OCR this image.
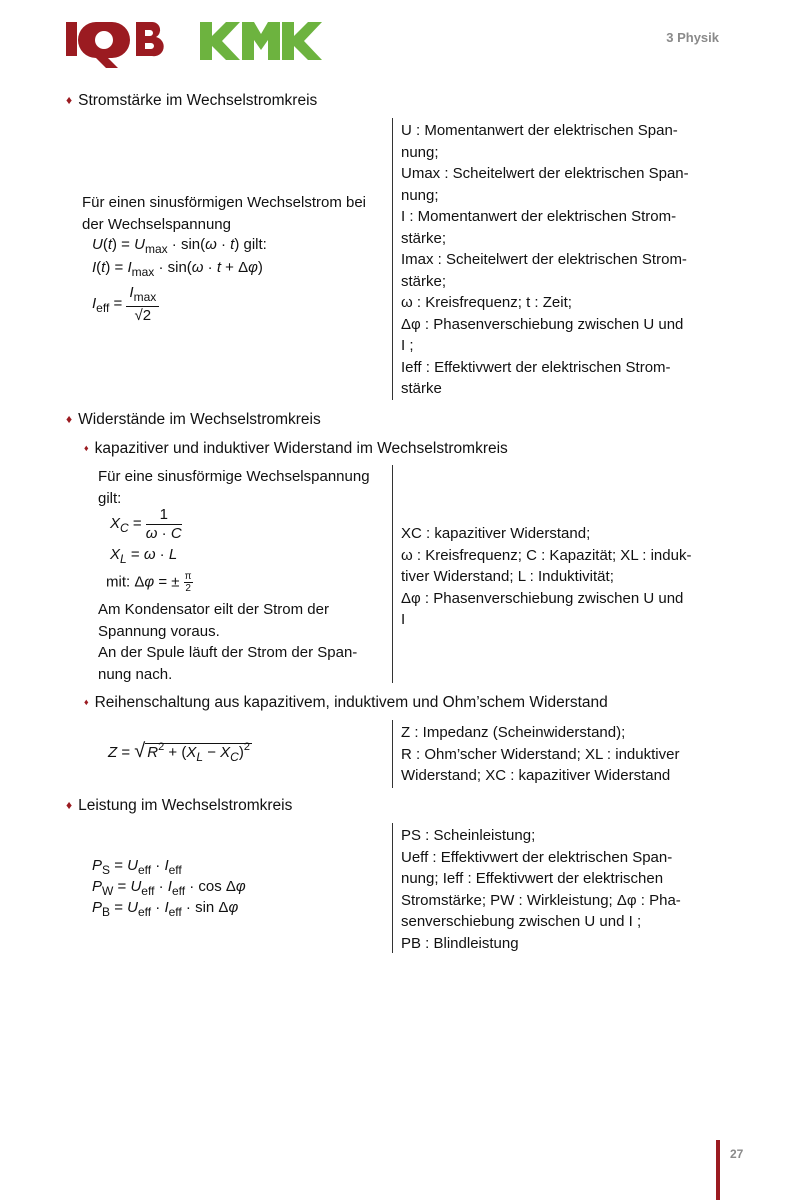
3 Physik
♦ Stromstärke im Wechselstromkreis
Für einen sinusförmigen Wechselstrom bei
der Wechselspannung
$U(t) = U_{max} \cdot \sin(\omega \cdot t)$ gilt:
$I(t) = I_{max} \cdot \sin(\omega \cdot t + \Delta\varphi)$
$I_{eff} = \frac{I_{max}}{√2}$
U : Momentanwert der elektrischen Span-
nung;
Umax : Scheitelwert der elektrischen Span-
nung;
I : Momentanwert der elektrischen Strom-
stärke;
Imax : Scheitelwert der elektrischen Strom-
stärke;
ω : Kreisfrequenz; t : Zeit;
Δφ : Phasenverschiebung zwischen U und
I ;
Ieff : Effektivwert der elektrischen Strom-
stärke
♦ Widerstände im Wechselstromkreis
♦ kapazitiver und induktiver Widerstand im Wechselstromkreis
Für eine sinusförmige Wechselspannung
gilt:
$X_C = \frac{1}{\omega \cdot C}$
$X_L = \omega \cdot L$
mit: Δφ = ± $\frac{\pi}{2}$
Am Kondensator eilt der Strom der
Spannung voraus.
An der Spule läuft der Strom der Span-
nung nach.
XC : kapazitiver Widerstand;
ω : Kreisfrequenz; C : Kapazität; XL : induk-
tiver Widerstand; L : Induktivität;
Δφ : Phasenverschiebung zwischen U und
I
♦ Reihenschaltung aus kapazitivem, induktivem und Ohm’schem Widerstand
Z = √ $R^2 + (X_L - X_C)^2$
Z : Impedanz (Scheinwiderstand);
R : Ohm’scher Widerstand; XL : induktiver
Widerstand; XC : kapazitiver Widerstand
♦ Leistung im Wechselstromkreis
$P_S = U_{eff} \cdot I_{eff}$
$P_W = U_{eff} \cdot I_{eff} \cdot \cos \Delta\varphi$
$P_B = U_{eff} \cdot I_{eff} \cdot \sin \Delta\varphi$
PS : Scheinleistung;
Ueff : Effektivwert der elektrischen Span-
nung; Ieff : Effektivwert der elektrischen
Stromstärke; PW : Wirkleistung; Δφ : Pha-
senverschiebung zwischen U und I ;
PB : Blindleistung
27
